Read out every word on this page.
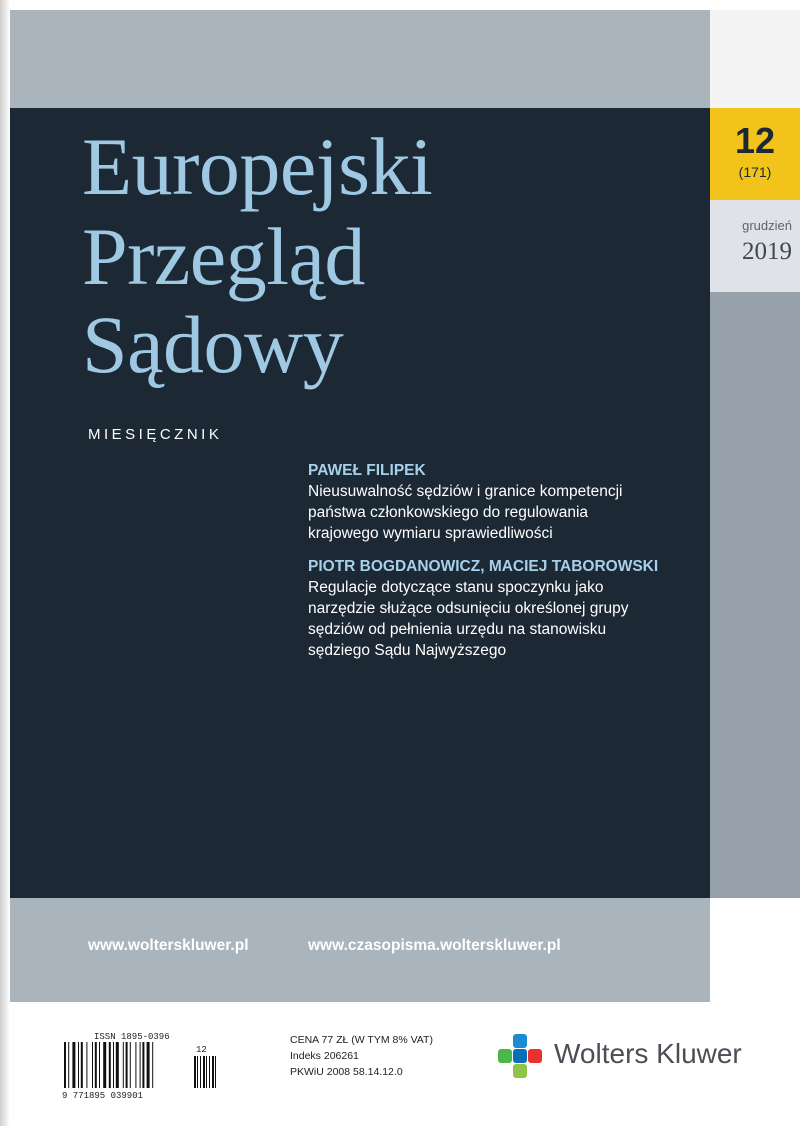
12
(171)
grudzień
2019
Europejski
Przegląd
Sądowy
MIESIĘCZNIK
PAWEŁ FILIPEK
Nieusuwalność sędziów i granice kompetencji
państwa członkowskiego do regulowania
krajowego wymiaru sprawiedliwości
PIOTR BOGDANOWICZ, MACIEJ TABOROWSKI
Regulacje dotyczące stanu spoczynku jako
narzędzie służące odsunięciu określonej grupy
sędziów od pełnienia urzędu na stanowisku
sędziego Sądu Najwyższego
www.wolterskluwer.pl	www.czasopisma.wolterskluwer.pl
ISSN 1895-0396
9 771895 039901
12
CENA 77 ZŁ (W TYM 8% VAT)
Indeks 206261
PKWiU 2008 58.14.12.0
Wolters Kluwer
